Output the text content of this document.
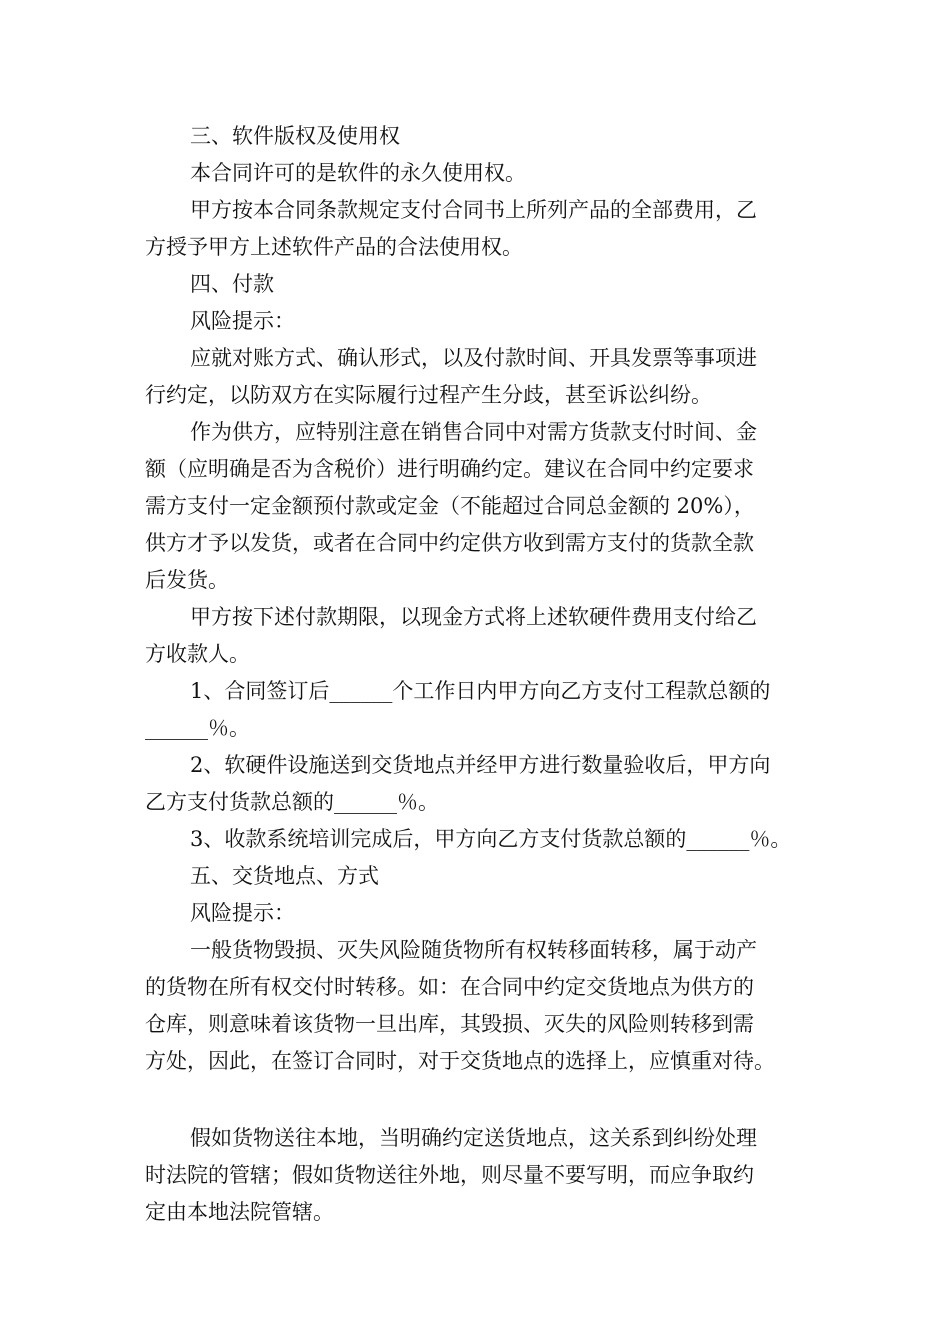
三、软件版权及使用权

本合同许可的是软件的永久使用权。

甲方按本合同条款规定支付合同书上所列产品的全部费用，乙

方授予甲方上述软件产品的合法使用权。

四、付款

风险提示：

应就对账方式、确认形式，以及付款时间、开具发票等事项进

行约定，以防双方在实际履行过程产生分歧，甚至诉讼纠纷。

作为供方，应特别注意在销售合同中对需方货款支付时间、金

额（应明确是否为含税价）进行明确约定。建议在合同中约定要求

需方支付一定金额预付款或定金（不能超过合同总金额的 20%），

供方才予以发货，或者在合同中约定供方收到需方支付的货款全款

后发货。

甲方按下述付款期限，以现金方式将上述软硬件费用支付给乙

方收款人。

1、合同签订后______个工作日内甲方向乙方支付工程款总额的

______％。

2、软硬件设施送到交货地点并经甲方进行数量验收后，甲方向

乙方支付货款总额的______％。

3、收款系统培训完成后，甲方向乙方支付货款总额的______％。

五、交货地点、方式

风险提示：

一般货物毁损、灭失风险随货物所有权转移面转移，属于动产

的货物在所有权交付时转移。如：在合同中约定交货地点为供方的

仓库，则意味着该货物一旦出库，其毁损、灭失的风险则转移到需

方处，因此，在签订合同时，对于交货地点的选择上，应慎重对待。

假如货物送往本地，当明确约定送货地点，这关系到纠纷处理

时法院的管辖；假如货物送往外地，则尽量不要写明，而应争取约

定由本地法院管辖。
